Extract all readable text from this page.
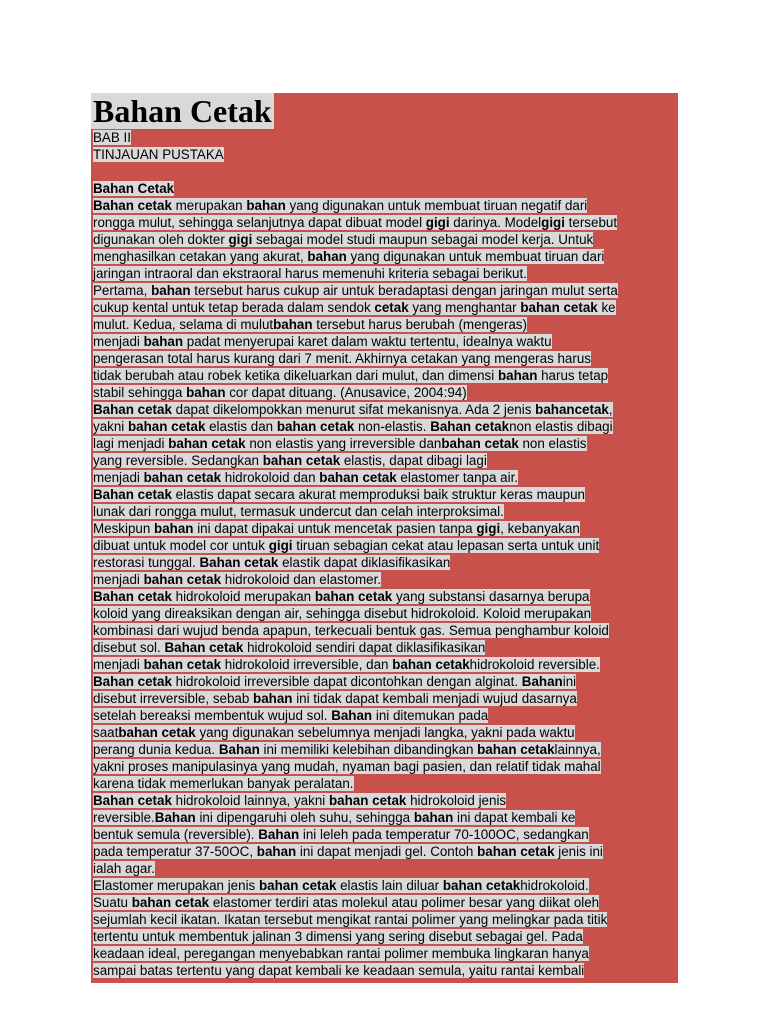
Bahan Cetak
BAB II
TINJAUAN PUSTAKA
Bahan Cetak
Bahan cetak merupakan bahan yang digunakan untuk membuat tiruan negatif dari
rongga mulut, sehingga selanjutnya dapat dibuat model gigi darinya. Modelgigi tersebut
digunakan oleh dokter gigi sebagai model studi maupun sebagai model kerja. Untuk
menghasilkan cetakan yang akurat, bahan yang digunakan untuk membuat tiruan dari
jaringan intraoral dan ekstraoral harus memenuhi kriteria sebagai berikut.
Pertama, bahan tersebut harus cukup air untuk beradaptasi dengan jaringan mulut serta
cukup kental untuk tetap berada dalam sendok cetak yang menghantar bahan cetak ke
mulut. Kedua, selama di mulutbahan tersebut harus berubah (mengeras)
menjadi bahan padat menyerupai karet dalam waktu tertentu, idealnya waktu
pengerasan total harus kurang dari 7 menit. Akhirnya cetakan yang mengeras harus
tidak berubah atau robek ketika dikeluarkan dari mulut, dan dimensi bahan harus tetap
stabil sehingga bahan cor dapat dituang. (Anusavice, 2004:94)
Bahan cetak dapat dikelompokkan menurut sifat mekanisnya. Ada 2 jenis bahancetak,
yakni bahan cetak elastis dan bahan cetak non-elastis. Bahan cetaknon elastis dibagi
lagi menjadi bahan cetak non elastis yang irreversible danbahan cetak non elastis
yang reversible. Sedangkan bahan cetak elastis, dapat dibagi lagi
menjadi bahan cetak hidrokoloid dan bahan cetak elastomer tanpa air.
Bahan cetak elastis dapat secara akurat memproduksi baik struktur keras maupun
lunak dari rongga mulut, termasuk undercut dan celah interproksimal.
Meskipun bahan ini dapat dipakai untuk mencetak pasien tanpa gigi, kebanyakan
dibuat untuk model cor untuk gigi tiruan sebagian cekat atau lepasan serta untuk unit
restorasi tunggal. Bahan cetak elastik dapat diklasifikasikan
menjadi bahan cetak hidrokoloid dan elastomer.
Bahan cetak hidrokoloid merupakan bahan cetak yang substansi dasarnya berupa
koloid yang direaksikan dengan air, sehingga disebut hidrokoloid. Koloid merupakan
kombinasi dari wujud benda apapun, terkecuali bentuk gas. Semua penghambur koloid
disebut sol. Bahan cetak hidrokoloid sendiri dapat diklasifikasikan
menjadi bahan cetak hidrokoloid irreversible, dan bahan cetakhidrokoloid reversible.
Bahan cetak hidrokoloid irreversible dapat dicontohkan dengan alginat. Bahanini
disebut irreversible, sebab bahan ini tidak dapat kembali menjadi wujud dasarnya
setelah bereaksi membentuk wujud sol. Bahan ini ditemukan pada
saatbahan cetak yang digunakan sebelumnya menjadi langka, yakni pada waktu
perang dunia kedua. Bahan ini memiliki kelebihan dibandingkan bahan cetaklainnya,
yakni proses manipulasinya yang mudah, nyaman bagi pasien, dan relatif tidak mahal
karena tidak memerlukan banyak peralatan.
Bahan cetak hidrokoloid lainnya, yakni bahan cetak hidrokoloid jenis
reversible.Bahan ini dipengaruhi oleh suhu, sehingga bahan ini dapat kembali ke
bentuk semula (reversible). Bahan ini leleh pada temperatur 70-100OC, sedangkan
pada temperatur 37-50OC, bahan ini dapat menjadi gel. Contoh bahan cetak jenis ini
ialah agar.
Elastomer merupakan jenis bahan cetak elastis lain diluar bahan cetakhidrokoloid.
Suatu bahan cetak elastomer terdiri atas molekul atau polimer besar yang diikat oleh
sejumlah kecil ikatan. Ikatan tersebut mengikat rantai polimer yang melingkar pada titik
tertentu untuk membentuk jalinan 3 dimensi yang sering disebut sebagai gel. Pada
keadaan ideal, peregangan menyebabkan rantai polimer membuka lingkaran hanya
sampai batas tertentu yang dapat kembali ke keadaan semula, yaitu rantai kembali
